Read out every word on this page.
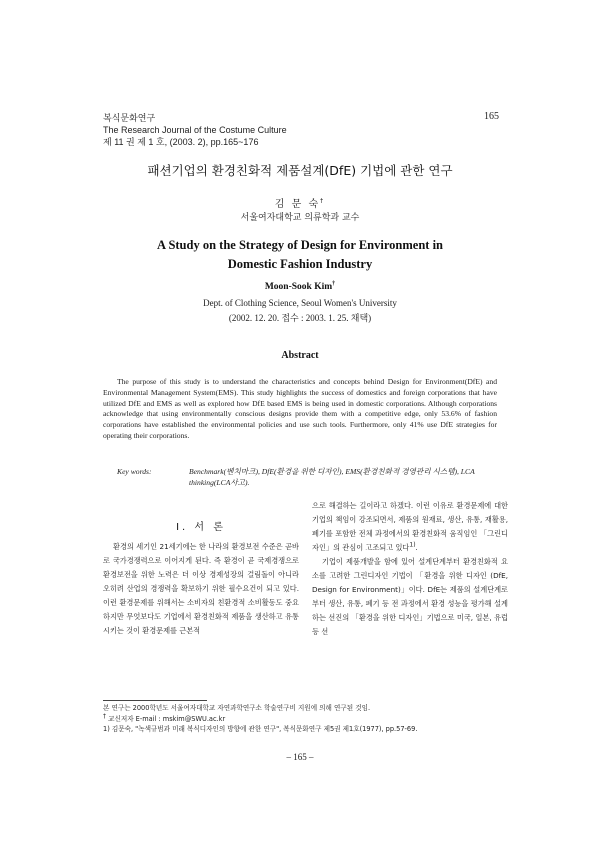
복식문화연구
The Research Journal of the Costume Culture
제 11 권 제 1 호, (2003. 2), pp.165~176
165
패션기업의 환경친화적 제품설계(DfE) 기법에 관한 연구
김 문 숙†
서울여자대학교 의류학과 교수
A Study on the Strategy of Design for Environment in
Domestic Fashion Industry
Moon-Sook Kim†
Dept. of Clothing Science, Seoul Women's University
(2002. 12. 20. 접수 : 2003. 1. 25. 채택)
Abstract

The purpose of this study is to understand the characteristics and concepts behind Design for Environment(DfE) and Environmental Management System(EMS). This study highlights the success of domestics and foreign corporations that have utilized DfE and EMS as well as explored how DfE based EMS is being used in domestic corporations. Although corporations acknowledge that using environmentally conscious designs provide them with a competitive edge, only 53.6% of fashion corporations have established the environmental policies and use such tools. Furthermore, only 41% use DfE strategies for operating their corporations.

Key words:	Benchmark(벤치마크), DfE(환경을 위한 디자인), EMS(환경친화적 경영관리 시스템), LCA
thinking(LCA사고).
Ⅰ. 서 론

환경의 세기인 21세기에는 한 나라의 환경보전 수준은 곧바로 국가경쟁력으로 이어지게 된다. 즉 환경이 곧 국제경쟁으로 환경보전을 위한 노력은 더 이상 경제성장의 걸림돌이 아니라 오히려 산업의 경쟁력을 확보하기 위한 필수요건이 되고 있다. 이런 환경문제를 위해서는 소비자의 친환경적 소비활동도 중요하지만 무엇보다도 기업에서 환경친화적 제품을 생산하고 유통시키는 것이 환경문제를 근본적

으로 해결하는 길이라고 하겠다. 이런 이유로 환경문제에 대한 기업의 책임이 강조되면서, 제품의 원재료, 생산, 유통, 재활용, 폐기를 포함한 전체 과정에서의 환경친화적 움직임인 「그린디자인」의 관심이 고조되고 있다$^{1)}$.

기업이 제품개발을 함에 있어 설계단계부터 환경친화적 요소를 고려한 그린디자인 기법이 「환경을 위한 디자인 (DfE, Design for Environment)」이다. DfE는 제품의 설계단계로부터 생산, 유통, 폐기 등 전 과정에서 환경 성능을 평가해 설계하는 선진의 「환경을 위한 디자인」기법으로 미국, 일본, 유럽 등 선

본 연구는 2000학년도 서울여자대학교 자연과학연구소 학술연구비 지원에 의해 연구된 것임.
† 교신저자 E-mail : mskim@SWU.ac.kr
1) 김문숙, "녹색규범과 미래 복식디자인의 방향에 관한 연구", 복식문화연구 제5권 제1호(1977), pp.57-69.
– 165 –
